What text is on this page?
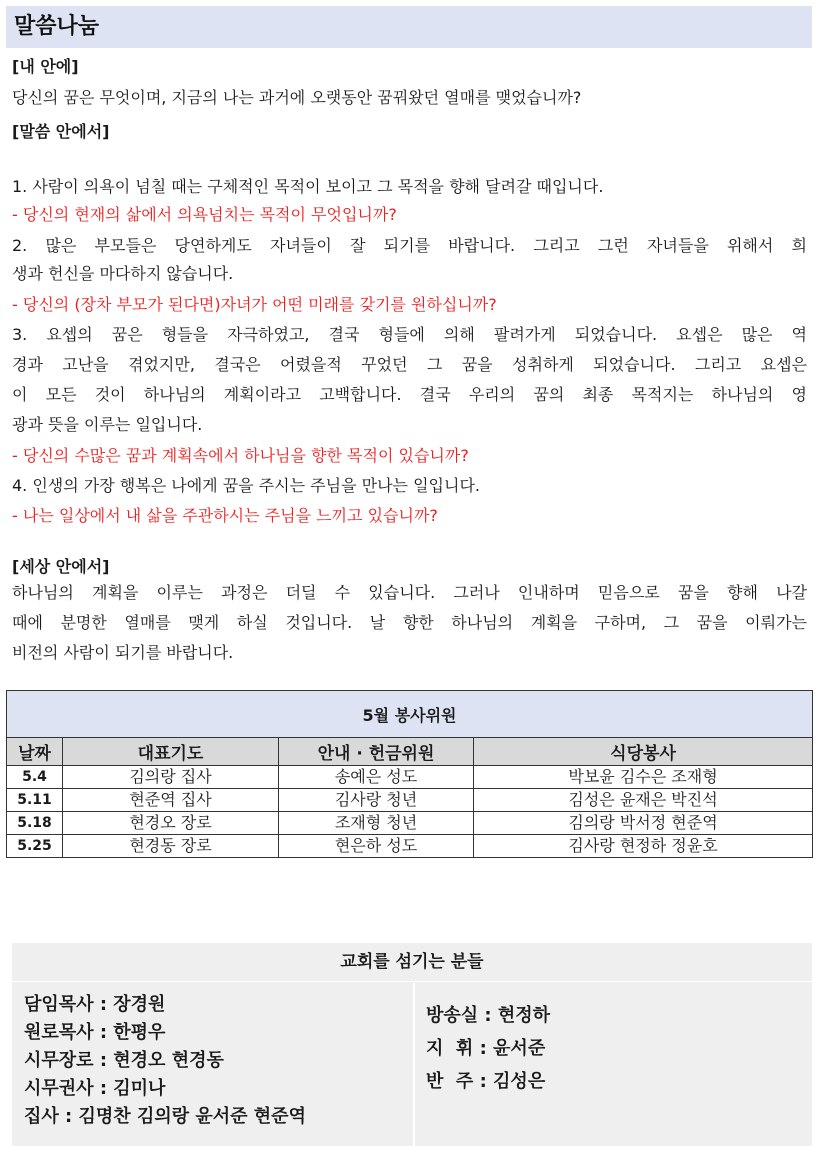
말씀나눔
[내 안에]
당신의 꿈은 무엇이며, 지금의 나는 과거에 오랫동안 꿈꿔왔던 열매를 맺었습니까?
[말씀 안에서]
1. 사람이 의욕이 넘칠 때는 구체적인 목적이 보이고 그 목적을 향해 달려갈 때입니다.
- 당신의 현재의 삶에서 의욕넘치는 목적이 무엇입니까?
2. 많은 부모들은 당연하게도 자녀들이 잘 되기를 바랍니다. 그리고 그런 자녀들을 위해서 희
생과 헌신을 마다하지 않습니다.
- 당신의 (장차 부모가 된다면)자녀가 어떤 미래를 갖기를 원하십니까?
3. 요셉의 꿈은 형들을 자극하였고, 결국 형들에 의해 팔려가게 되었습니다. 요셉은 많은 역
경과 고난을 겪었지만, 결국은 어렸을적 꾸었던 그 꿈을 성취하게 되었습니다. 그리고 요셉은
이 모든 것이 하나님의 계획이라고 고백합니다. 결국 우리의 꿈의 최종 목적지는 하나님의 영
광과 뜻을 이루는 일입니다.
- 당신의 수많은 꿈과 계획속에서 하나님을 향한 목적이 있습니까?
4. 인생의 가장 행복은 나에게 꿈을 주시는 주님을 만나는 일입니다.
- 나는 일상에서 내 삶을 주관하시는 주님을 느끼고 있습니까?
[세상 안에서]
하나님의 계획을 이루는 과정은 더딜 수 있습니다. 그러나 인내하며 믿음으로 꿈을 향해 나갈
때에 분명한 열매를 맺게 하실 것입니다. 날 향한 하나님의 계획을 구하며, 그 꿈을 이뤄가는
비전의 사람이 되기를 바랍니다.
5월 봉사위원			
날짜	대표기도	안내 · 헌금위원	식당봉사
5.4	김의랑 집사	송예은 성도	박보윤 김수은 조재형
5.11	현준역 집사	김사랑 청년	김성은 윤재은 박진석
5.18	현경오 장로	조재형 청년	김의랑 박서정 현준역
5.25	현경동 장로	현은하 성도	김사랑 현정하 정윤호
교회를 섬기는 분들
담임목사 : 장경원
원로목사 : 한평우
시무장로 : 현경오 현경동
시무권사 : 김미나
집사 : 김명찬 김의랑 윤서준 현준역
방송실 : 현정하
지  휘 : 윤서준
반  주 : 김성은
